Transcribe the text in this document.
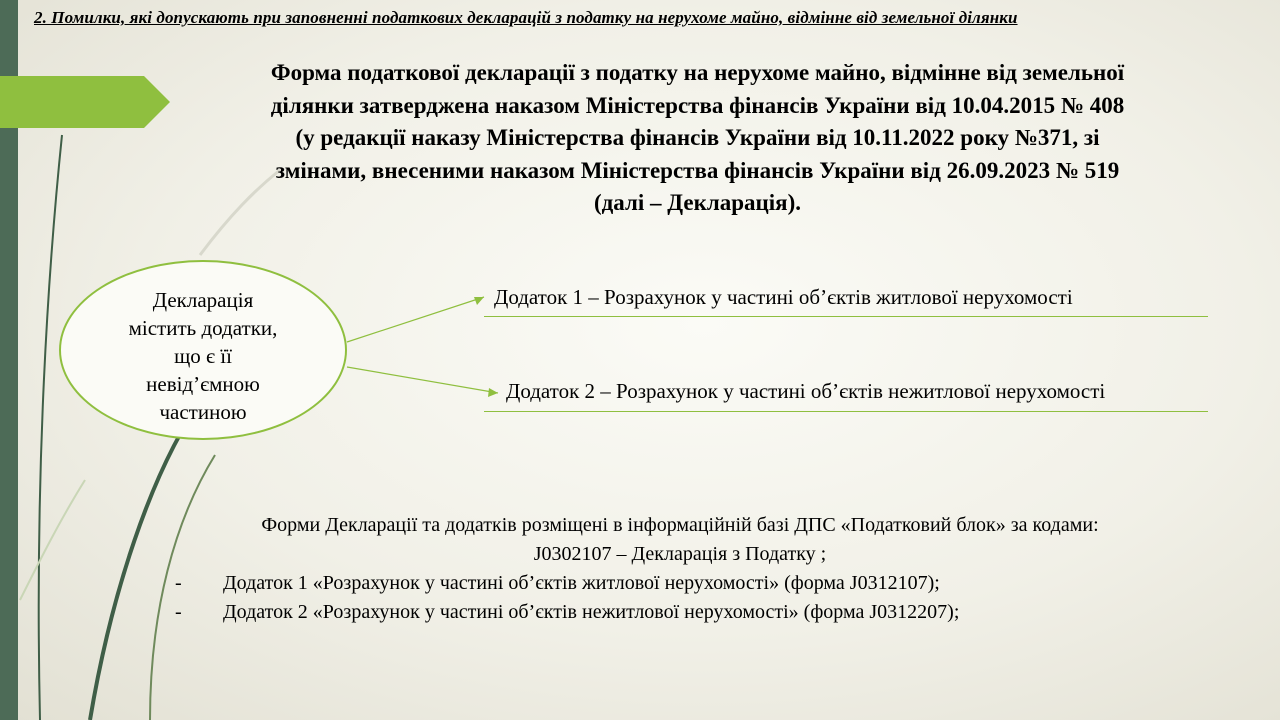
2. Помилки, які допускають при заповненні податкових декларацій з податку на нерухоме майно, відмінне від земельної ділянки
Форма податкової декларації з податку на нерухоме майно, відмінне від земельної
ділянки затверджена наказом Міністерства фінансів України від 10.04.2015 № 408
(у редакції наказу Міністерства фінансів України від 10.11.2022 року №371, зі
змінами, внесеними наказом Міністерства фінансів України від 26.09.2023 № 519
(далі – Декларація).
Декларація
містить додатки,
що є її
невід’ємною
частиною
Додаток 1 – Розрахунок у частині об’єктів житлової нерухомості
Додаток 2 – Розрахунок у частині об’єктів нежитлової нерухомості
Форми Декларації та додатків розміщені в інформаційній базі ДПС «Податковий блок» за кодами:
J0302107 – Декларація з Податку ;
- Додаток 1 «Розрахунок у частині об’єктів житлової нерухомості» (форма J0312107);
- Додаток 2 «Розрахунок у частині об’єктів нежитлової нерухомості» (форма J0312207);
